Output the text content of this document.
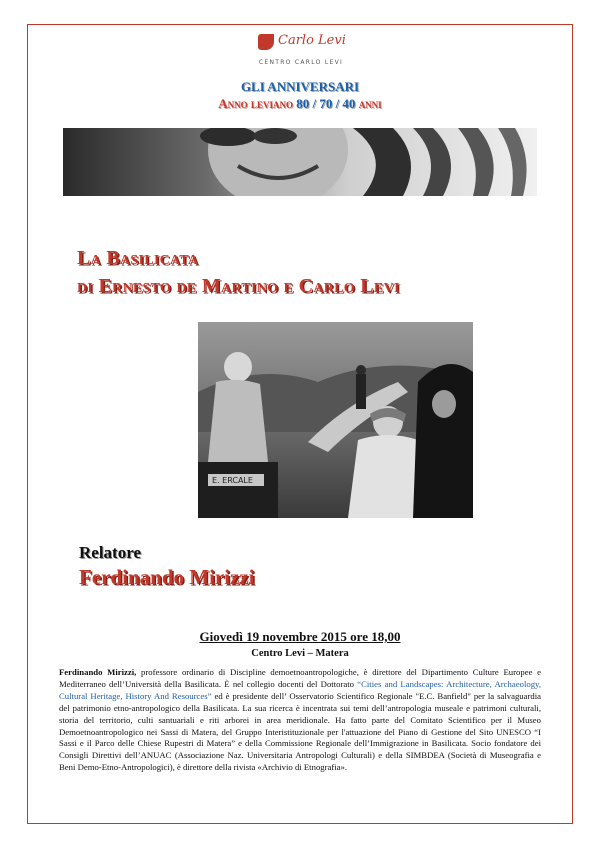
Carlo Levi
CENTRO CARLO LEVI
GLI ANNIVERSARI
Anno leviano 80 / 70 / 40 anni
La Basilicata
di Ernesto de Martino e Carlo Levi
E. ERCALE
Relatore
Ferdinando Mirizzi
Giovedì 19 novembre 2015 ore 18,00
Centro Levi – Matera
Ferdinando Mirizzi, professore ordinario di Discipline demoetnoantropologiche, è direttore del Dipartimento Culture Europee e Mediterraneo dell’Università della Basilicata. È nel collegio docenti del Dottorato “Cities and Landscapes: Architecture, Archaeology, Cultural Heritage, History And Resources” ed è presidente dell’ Osservatorio Scientifico Regionale "E.C. Banfield" per la salvaguardia del patrimonio etno-antropologico della Basilicata. La sua ricerca è incentrata sui temi dell’antropologia museale e patrimoni culturali, storia del territorio, culti santuariali e riti arborei in area meridionale. Ha fatto parte del Comitato Scientifico per il Museo Demoetnoantropologico nei Sassi di Matera, del Gruppo Interistituzionale per l'attuazione del Piano di Gestione del Sito UNESCO “I Sassi e il Parco delle Chiese Rupestri di Matera” e della Commissione Regionale dell’Immigrazione in Basilicata. Socio fondatore dei Consigli Direttivi dell’ANUAC (Associazione Naz. Universitaria Antropologi Culturali) e della SIMBDEA (Società di Museografia e Beni Demo-Etno-Antropologici), è direttore della rivista «Archivio di Etnografia».
